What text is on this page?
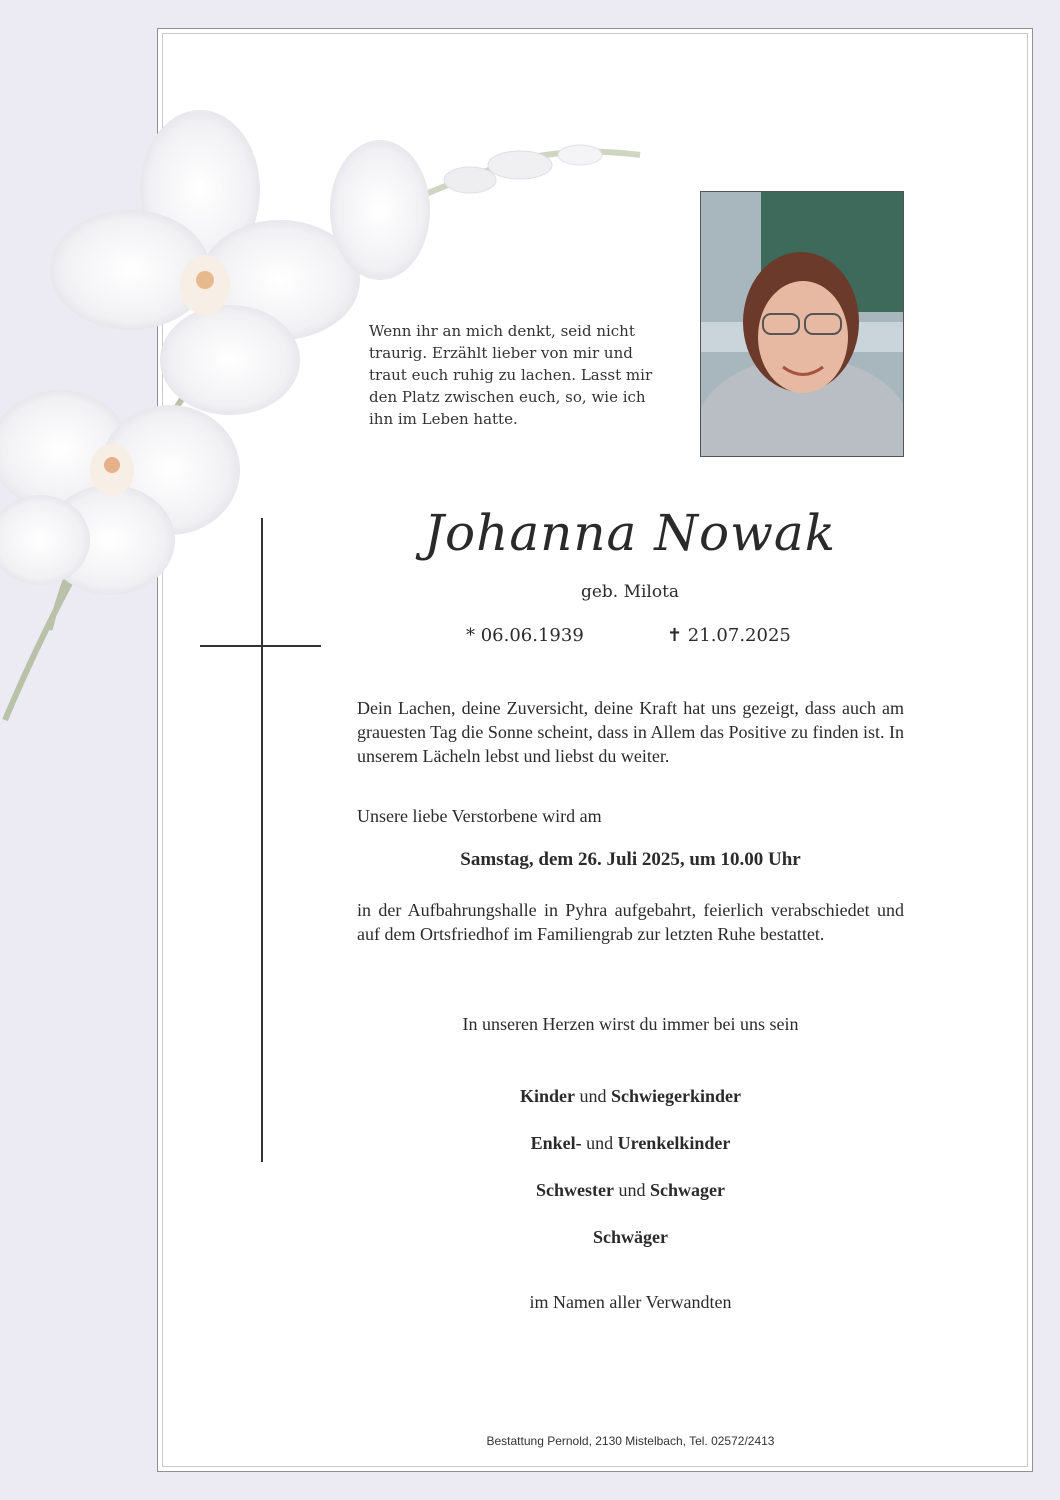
Wenn ihr an mich denkt, seid nicht traurig. Erzählt lieber von mir und traut euch ruhig zu lachen. Lasst mir den Platz zwischen euch, so, wie ich ihn im Leben hatte.
Johanna Nowak
geb. Milota
* 06.06.1939	✝ 21.07.2025
Dein Lachen, deine Zuversicht, deine Kraft hat uns gezeigt, dass auch am grauesten Tag die Sonne scheint, dass in Allem das Positive zu finden ist. In unserem Lächeln lebst und liebst du weiter.
Unsere liebe Verstorbene wird am
Samstag, dem 26. Juli 2025, um 10.00 Uhr
in der Aufbahrungshalle in Pyhra aufgebahrt, feierlich verabschiedet und auf dem Ortsfriedhof im Familiengrab zur letzten Ruhe bestattet.
In unseren Herzen wirst du immer bei uns sein
Kinder und Schwiegerkinder
Enkel- und Urenkelkinder
Schwester und Schwager
Schwäger
im Namen aller Verwandten
Bestattung Pernold, 2130 Mistelbach, Tel. 02572/2413
